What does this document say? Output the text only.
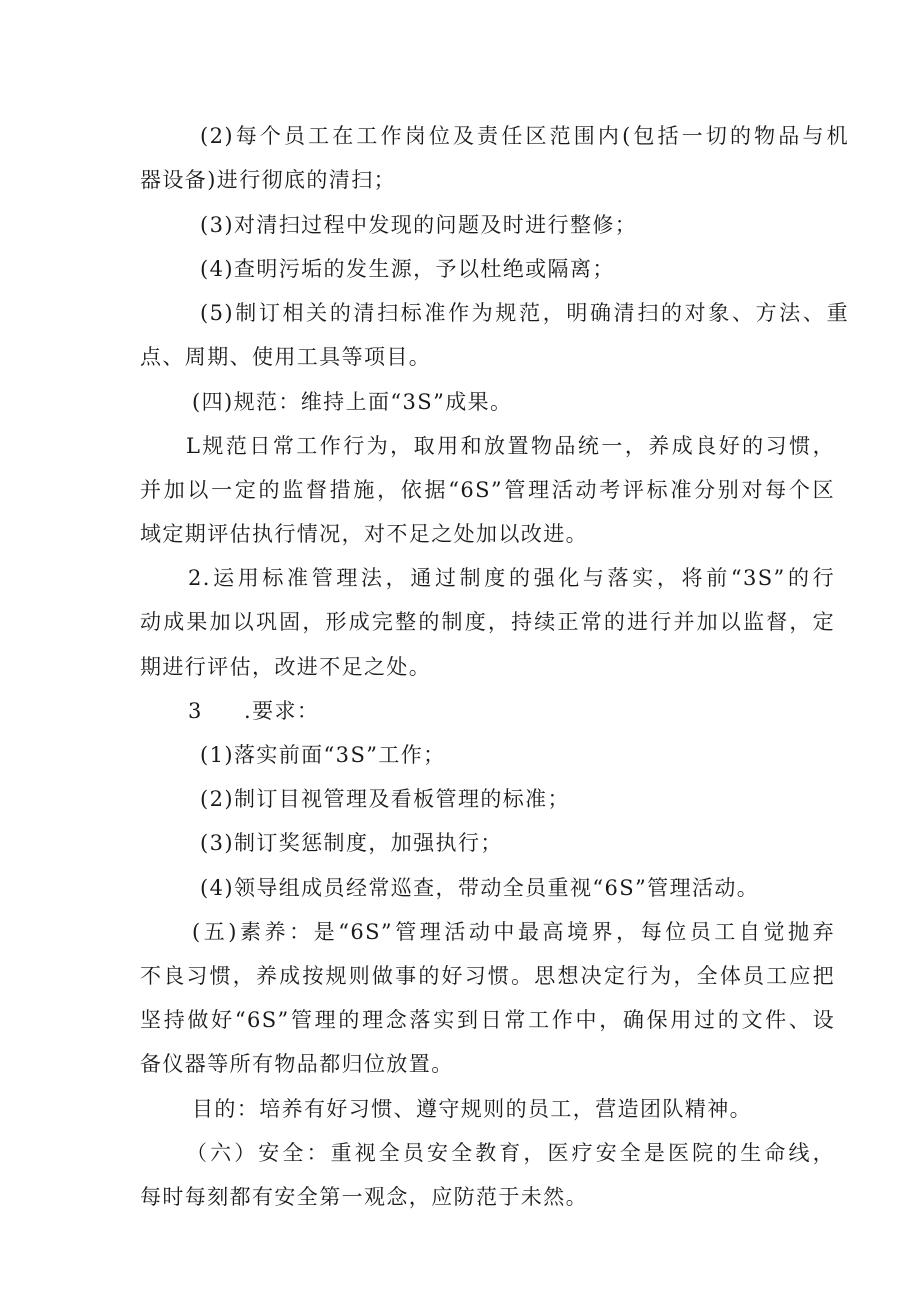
(2)每个员工在工作岗位及责任区范围内(包括一切的物品与机
器设备)进行彻底的清扫；
(3)对清扫过程中发现的问题及时进行整修；
(4)查明污垢的发生源，予以杜绝或隔离；
(5)制订相关的清扫标准作为规范，明确清扫的对象、方法、重
点、周期、使用工具等项目。
(四)规范：维持上面“3S”成果。
L规范日常工作行为，取用和放置物品统一，养成良好的习惯，
并加以一定的监督措施，依据“6S”管理活动考评标准分别对每个区
域定期评估执行情况，对不足之处加以改进。
2.运用标准管理法，通过制度的强化与落实，将前“3S”的行
动成果加以巩固，形成完整的制度，持续正常的进行并加以监督，定
期进行评估，改进不足之处。
3 .要求：
(1)落实前面“3S”工作；
(2)制订目视管理及看板管理的标准；
(3)制订奖惩制度，加强执行；
(4)领导组成员经常巡查，带动全员重视“6S”管理活动。
(五)素养：是“6S”管理活动中最高境界，每位员工自觉抛弃
不良习惯，养成按规则做事的好习惯。思想决定行为，全体员工应把
坚持做好“6S”管理的理念落实到日常工作中，确保用过的文件、设
备仪器等所有物品都归位放置。
目的：培养有好习惯、遵守规则的员工，营造团队精神。
（六）安全：重视全员安全教育，医疗安全是医院的生命线，
每时每刻都有安全第一观念，应防范于未然。
